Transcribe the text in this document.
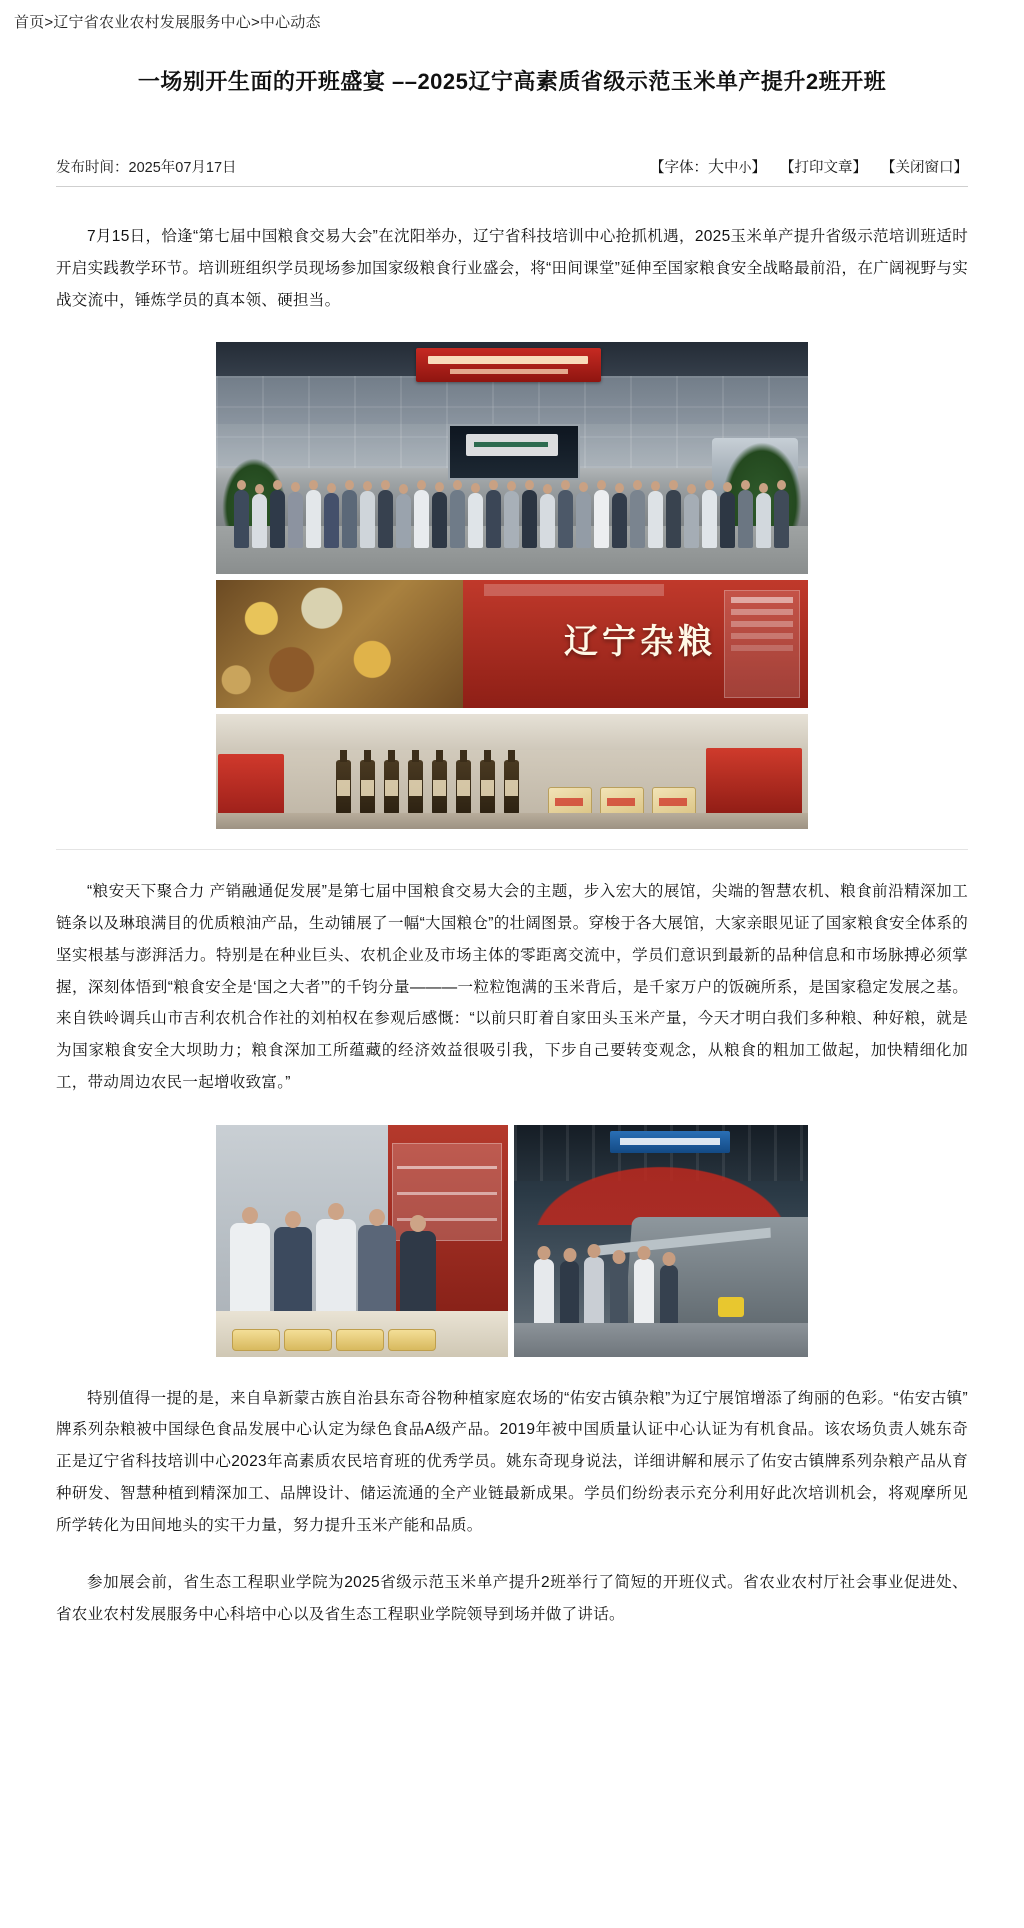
首页>辽宁省农业农村发展服务中心>中心动态
一场别开生面的开班盛宴 ––2025辽宁高素质省级示范玉米单产提升2班开班
发布时间：2025年07月17日	【字体：大中小】 【打印文章】 【关闭窗口】

7月15日，恰逢“第七届中国粮食交易大会”在沈阳举办，辽宁省科技培训中心抢抓机遇，2025玉米单产提升省级示范培训班适时开启实践教学环节。培训班组织学员现场参加国家级粮食行业盛会，将“田间课堂”延伸至国家粮食安全战略最前沿，在广阔视野与实战交流中，锤炼学员的真本领、硬担当。

辽宁杂粮

“粮安天下聚合力 产销融通促发展”是第七届中国粮食交易大会的主题，步入宏大的展馆，尖端的智慧农机、粮食前沿精深加工链条以及琳琅满目的优质粮油产品，生动铺展了一幅“大国粮仓”的壮阔图景。穿梭于各大展馆，大家亲眼见证了国家粮食安全体系的坚实根基与澎湃活力。特别是在种业巨头、农机企业及市场主体的零距离交流中，学员们意识到最新的品种信息和市场脉搏必须掌握，深刻体悟到“粮食安全是‘国之大者’”的千钧分量———一粒粒饱满的玉米背后，是千家万户的饭碗所系，是国家稳定发展之基。来自铁岭调兵山市吉利农机合作社的刘柏权在参观后感慨：“以前只盯着自家田头玉米产量，今天才明白我们多种粮、种好粮，就是为国家粮食安全大坝助力；粮食深加工所蕴藏的经济效益很吸引我，下步自己要转变观念，从粮食的粗加工做起，加快精细化加工，带动周边农民一起增收致富。”

特别值得一提的是，来自阜新蒙古族自治县东奇谷物种植家庭农场的“佑安古镇杂粮”为辽宁展馆增添了绚丽的色彩。“佑安古镇”牌系列杂粮被中国绿色食品发展中心认定为绿色食品A级产品。2019年被中国质量认证中心认证为有机食品。该农场负责人姚东奇正是辽宁省科技培训中心2023年高素质农民培育班的优秀学员。姚东奇现身说法，详细讲解和展示了佑安古镇牌系列杂粮产品从育种研发、智慧种植到精深加工、品牌设计、储运流通的全产业链最新成果。学员们纷纷表示充分利用好此次培训机会，将观摩所见所学转化为田间地头的实干力量，努力提升玉米产能和品质。

参加展会前，省生态工程职业学院为2025省级示范玉米单产提升2班举行了简短的开班仪式。省农业农村厅社会事业促进处、省农业农村发展服务中心科培中心以及省生态工程职业学院领导到场并做了讲话。
